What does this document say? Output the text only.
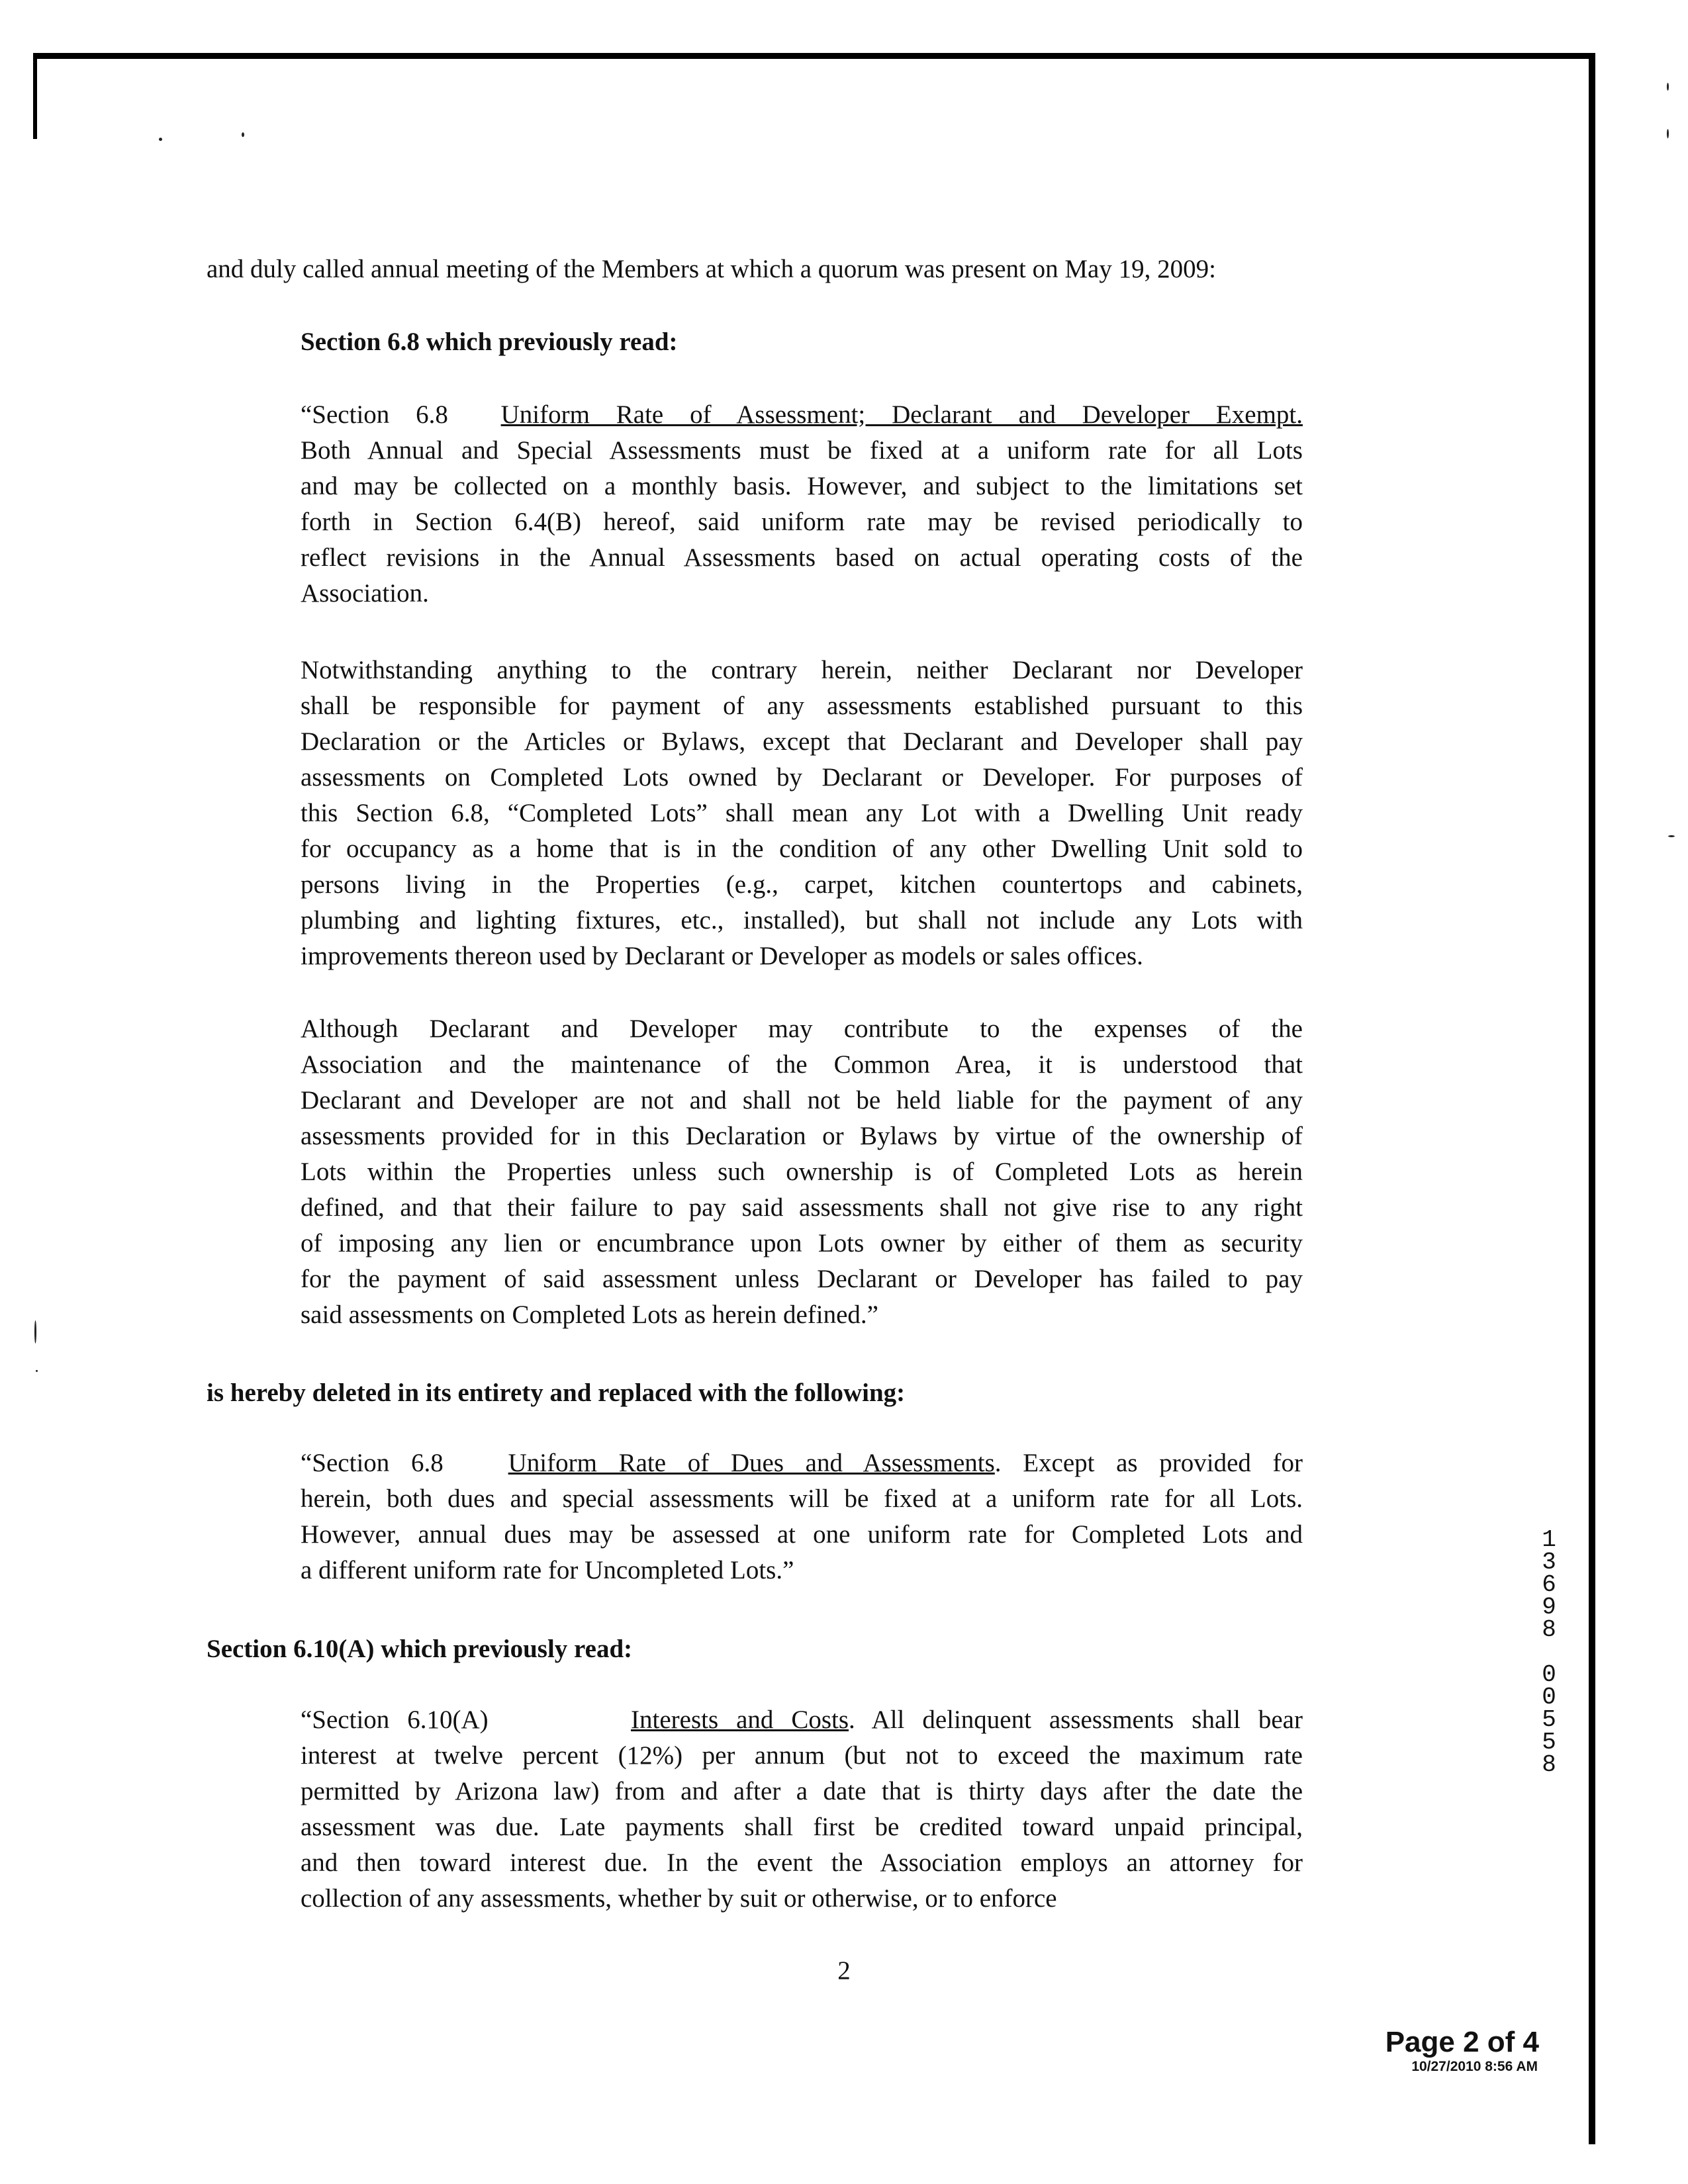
and duly called annual meeting of the Members at which a quorum was present on May 19, 2009:
Section 6.8 which previously read:
“Section 6.8  Uniform Rate of Assessment; Declarant and Developer Exempt.
Both Annual and Special Assessments must be fixed at a uniform rate for all Lots
and may be collected on a monthly basis. However, and subject to the limitations set
forth in Section 6.4(B) hereof, said uniform rate may be revised periodically to
reflect revisions in the Annual Assessments based on actual operating costs of the
Association.
Notwithstanding anything to the contrary herein, neither Declarant nor Developer
shall be responsible for payment of any assessments established pursuant to this
Declaration or the Articles or Bylaws, except that Declarant and Developer shall pay
assessments on Completed Lots owned by Declarant or Developer. For purposes of
this Section 6.8, “Completed Lots” shall mean any Lot with a Dwelling Unit ready
for occupancy as a home that is in the condition of any other Dwelling Unit sold to
persons living in the Properties (e.g., carpet, kitchen countertops and cabinets,
plumbing and lighting fixtures, etc., installed), but shall not include any Lots with
improvements thereon used by Declarant or Developer as models or sales offices.
Although Declarant and Developer may contribute to the expenses of the
Association and the maintenance of the Common Area, it is understood that
Declarant and Developer are not and shall not be held liable for the payment of any
assessments provided for in this Declaration or Bylaws by virtue of the ownership of
Lots within the Properties unless such ownership is of Completed Lots as herein
defined, and that their failure to pay said assessments shall not give rise to any right
of imposing any lien or encumbrance upon Lots owner by either of them as security
for the payment of said assessment unless Declarant or Developer has failed to pay
said assessments on Completed Lots as herein defined.”
is hereby deleted in its entirety and replaced with the following:
“Section 6.8   Uniform Rate of Dues and Assessments. Except as provided for
herein, both dues and special assessments will be fixed at a uniform rate for all Lots.
However, annual dues may be assessed at one uniform rate for Completed Lots and
a different uniform rate for Uncompleted Lots.”
Section 6.10(A) which previously read:
“Section 6.10(A)        Interests and Costs. All delinquent assessments shall bear
interest at twelve percent (12%) per annum (but not to exceed the maximum rate
permitted by Arizona law) from and after a date that is thirty days after the date the
assessment was due. Late payments shall first be credited toward unpaid principal,
and then toward interest due. In the event the Association employs an attorney for
collection of any assessments, whether by suit or otherwise, or to enforce
2
1
3
6
9
8
0
0
5
5
8
Page 2 of 4
10/27/2010 8:56 AM
